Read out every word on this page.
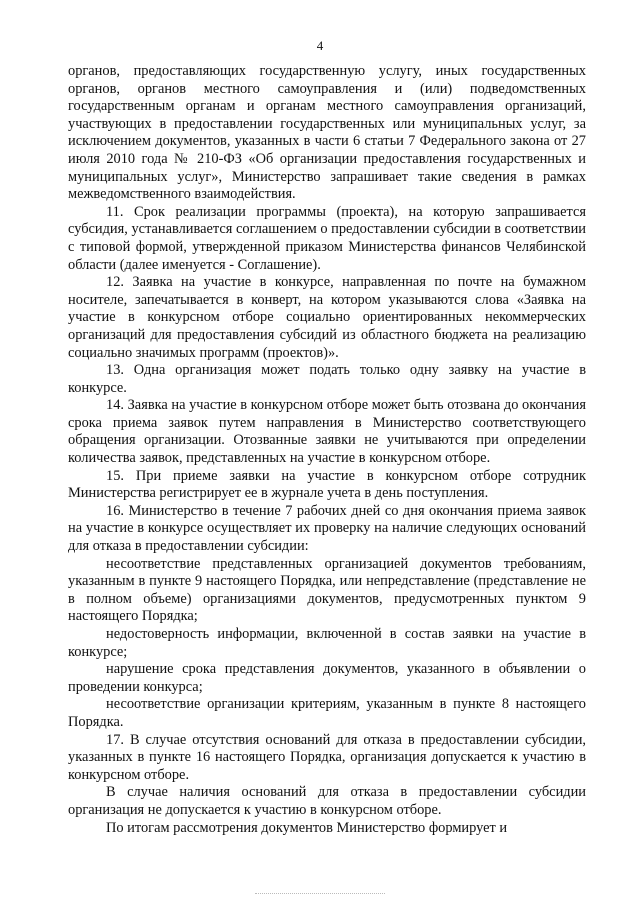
4

органов, предоставляющих государственную услугу, иных государственных органов, органов местного самоуправления и (или) подведомственных государственным органам и органам местного самоуправления организаций, участвующих в предоставлении государственных или муниципальных услуг, за исключением документов, указанных в части 6 статьи 7 Федерального закона от 27 июля 2010 года № 210-ФЗ «Об организации предоставления государственных и муниципальных услуг», Министерство запрашивает такие сведения в рамках межведомственного взаимодействия.

11. Срок реализации программы (проекта), на которую запрашивается субсидия, устанавливается соглашением о предоставлении субсидии в соответствии с типовой формой, утвержденной приказом Министерства финансов Челябинской области (далее именуется - Соглашение).

12. Заявка на участие в конкурсе, направленная по почте на бумажном носителе, запечатывается в конверт, на котором указываются слова «Заявка на участие в конкурсном отборе социально ориентированных некоммерческих организаций для предоставления субсидий из областного бюджета на реализацию социально значимых программ (проектов)».

13. Одна организация может подать только одну заявку на участие в конкурсе.

14. Заявка на участие в конкурсном отборе может быть отозвана до окончания срока приема заявок путем направления в Министерство соответствующего обращения организации. Отозванные заявки не учитываются при определении количества заявок, представленных на участие в конкурсном отборе.

15. При приеме заявки на участие в конкурсном отборе сотрудник Министерства регистрирует ее в журнале учета в день поступления.

16. Министерство в течение 7 рабочих дней со дня окончания приема заявок на участие в конкурсе осуществляет их проверку на наличие следующих оснований для отказа в предоставлении субсидии:

несоответствие представленных организацией документов требованиям, указанным в пункте 9 настоящего Порядка, или непредставление (представление не в полном объеме) организациями документов, предусмотренных пунктом 9 настоящего Порядка;

недостоверность информации, включенной в состав заявки на участие в конкурсе;

нарушение срока представления документов, указанного в объявлении о проведении конкурса;

несоответствие организации критериям, указанным в пункте 8 настоящего Порядка.

17. В случае отсутствия оснований для отказа в предоставлении субсидии, указанных в пункте 16 настоящего Порядка, организация допускается к участию в конкурсном отборе.

В случае наличия оснований для отказа в предоставлении субсидии организация не допускается к участию в конкурсном отборе.

По итогам рассмотрения документов Министерство формирует и
